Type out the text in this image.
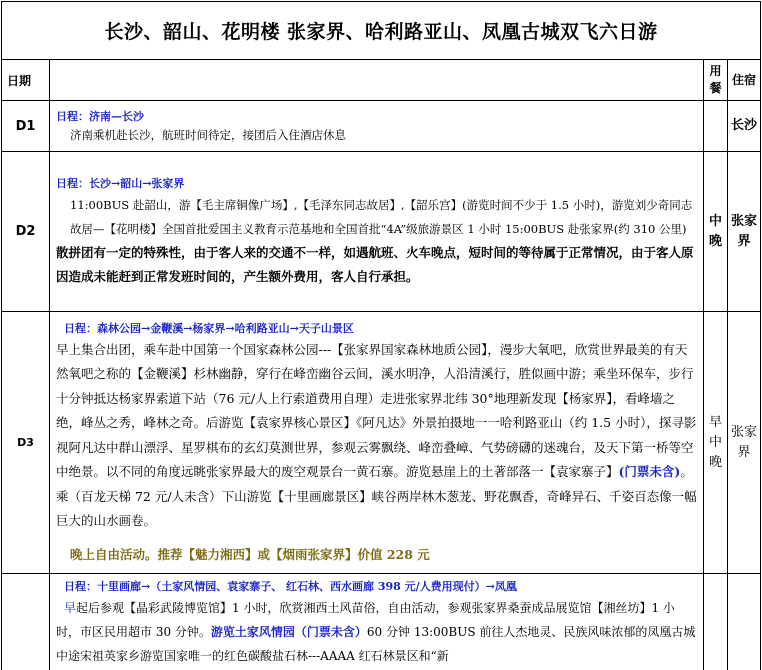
长沙、韶山、花明楼 张家界、哈利路亚山、凤凰古城双飞六日游			
日期		用餐	住宿
D1	日程：济南—长沙
济南乘机赴长沙，航班时间待定，接团后入住酒店休息		长沙
D2	日程：长沙→韶山→张家界
11:00BUS 赴韶山，游【毛主席铜像广场】,【毛泽东同志故居】,【韶乐宫】(游览时间不少于 1.5 小时)，游览刘少奇同志故居—【花明楼】全国首批爱国主义教育示范基地和全国首批“4A”级旅游景区 1 小时 15:00BUS 赴张家界(约 310 公里)
散拼团有一定的特殊性，由于客人来的交通不一样，如遇航班、火车晚点，短时间的等待属于正常情况，由于客人原因造成未能赶到正常发班时间的，产生额外费用，客人自行承担。	中晚	张家界
D3	日程：森林公园→金鞭溪→杨家界→哈利路亚山→天子山景区
早上集合出团，乘车赴中国第一个国家森林公园---【张家界国家森林地质公园】，漫步大氧吧，欣赏世界最美的有天然氧吧之称的【金鞭溪】杉林幽静，穿行在峰峦幽谷云间，溪水明净，人沿清溪行，胜似画中游；乘坐环保车，步行十分钟抵达杨家界索道下站（76 元/人上行索道费用自理）走进张家界北纬 30°地理新发现【杨家界】，看峰墙之绝，峰丛之秀，峰林之奇。后游览【袁家界核心景区】《阿凡达》外景拍摄地一一哈利路亚山（约 1.5 小时），探寻影视阿凡达中群山漂浮、星罗棋布的玄幻莫测世界，参观云雾飘绕、峰峦叠嶂、气势磅礴的迷魂台，及天下第一桥等空中绝景。以不同的角度远眺张家界最大的废空观景台一黄石寨。游览悬崖上的土著部落一【袁家寨子】(门票未含)。乘（百龙天梯 72 元/人未含）下山游览【十里画廊景区】峡谷两岸林木葱茏、野花飘香，奇峰异石、千姿百态像一幅巨大的山水画卷。
晚上自由活动。推荐【魅力湘西】或【烟雨张家界】价值 228 元	早中晚	张家界

	日程：十里画廊→（土家风情园、袁家寨子、 红石林、西水画廊 398 元/人费用现付）→凤凰
早起后参观【晶彩武陵博览馆】1 小时，欣赏湘西土风苗俗，自由活动，参观张家界桑蚕成品展览馆【湘丝坊】1 小时，市区民用超市 30 分钟。游览土家风情园（门票未含）60 分钟 13:00BUS 前往人杰地灵、民族风味浓郁的凤凰古城 中途宋祖英家乡游览国家唯一的红色碳酸盐石林---AAAA 红石林景区和“新		
